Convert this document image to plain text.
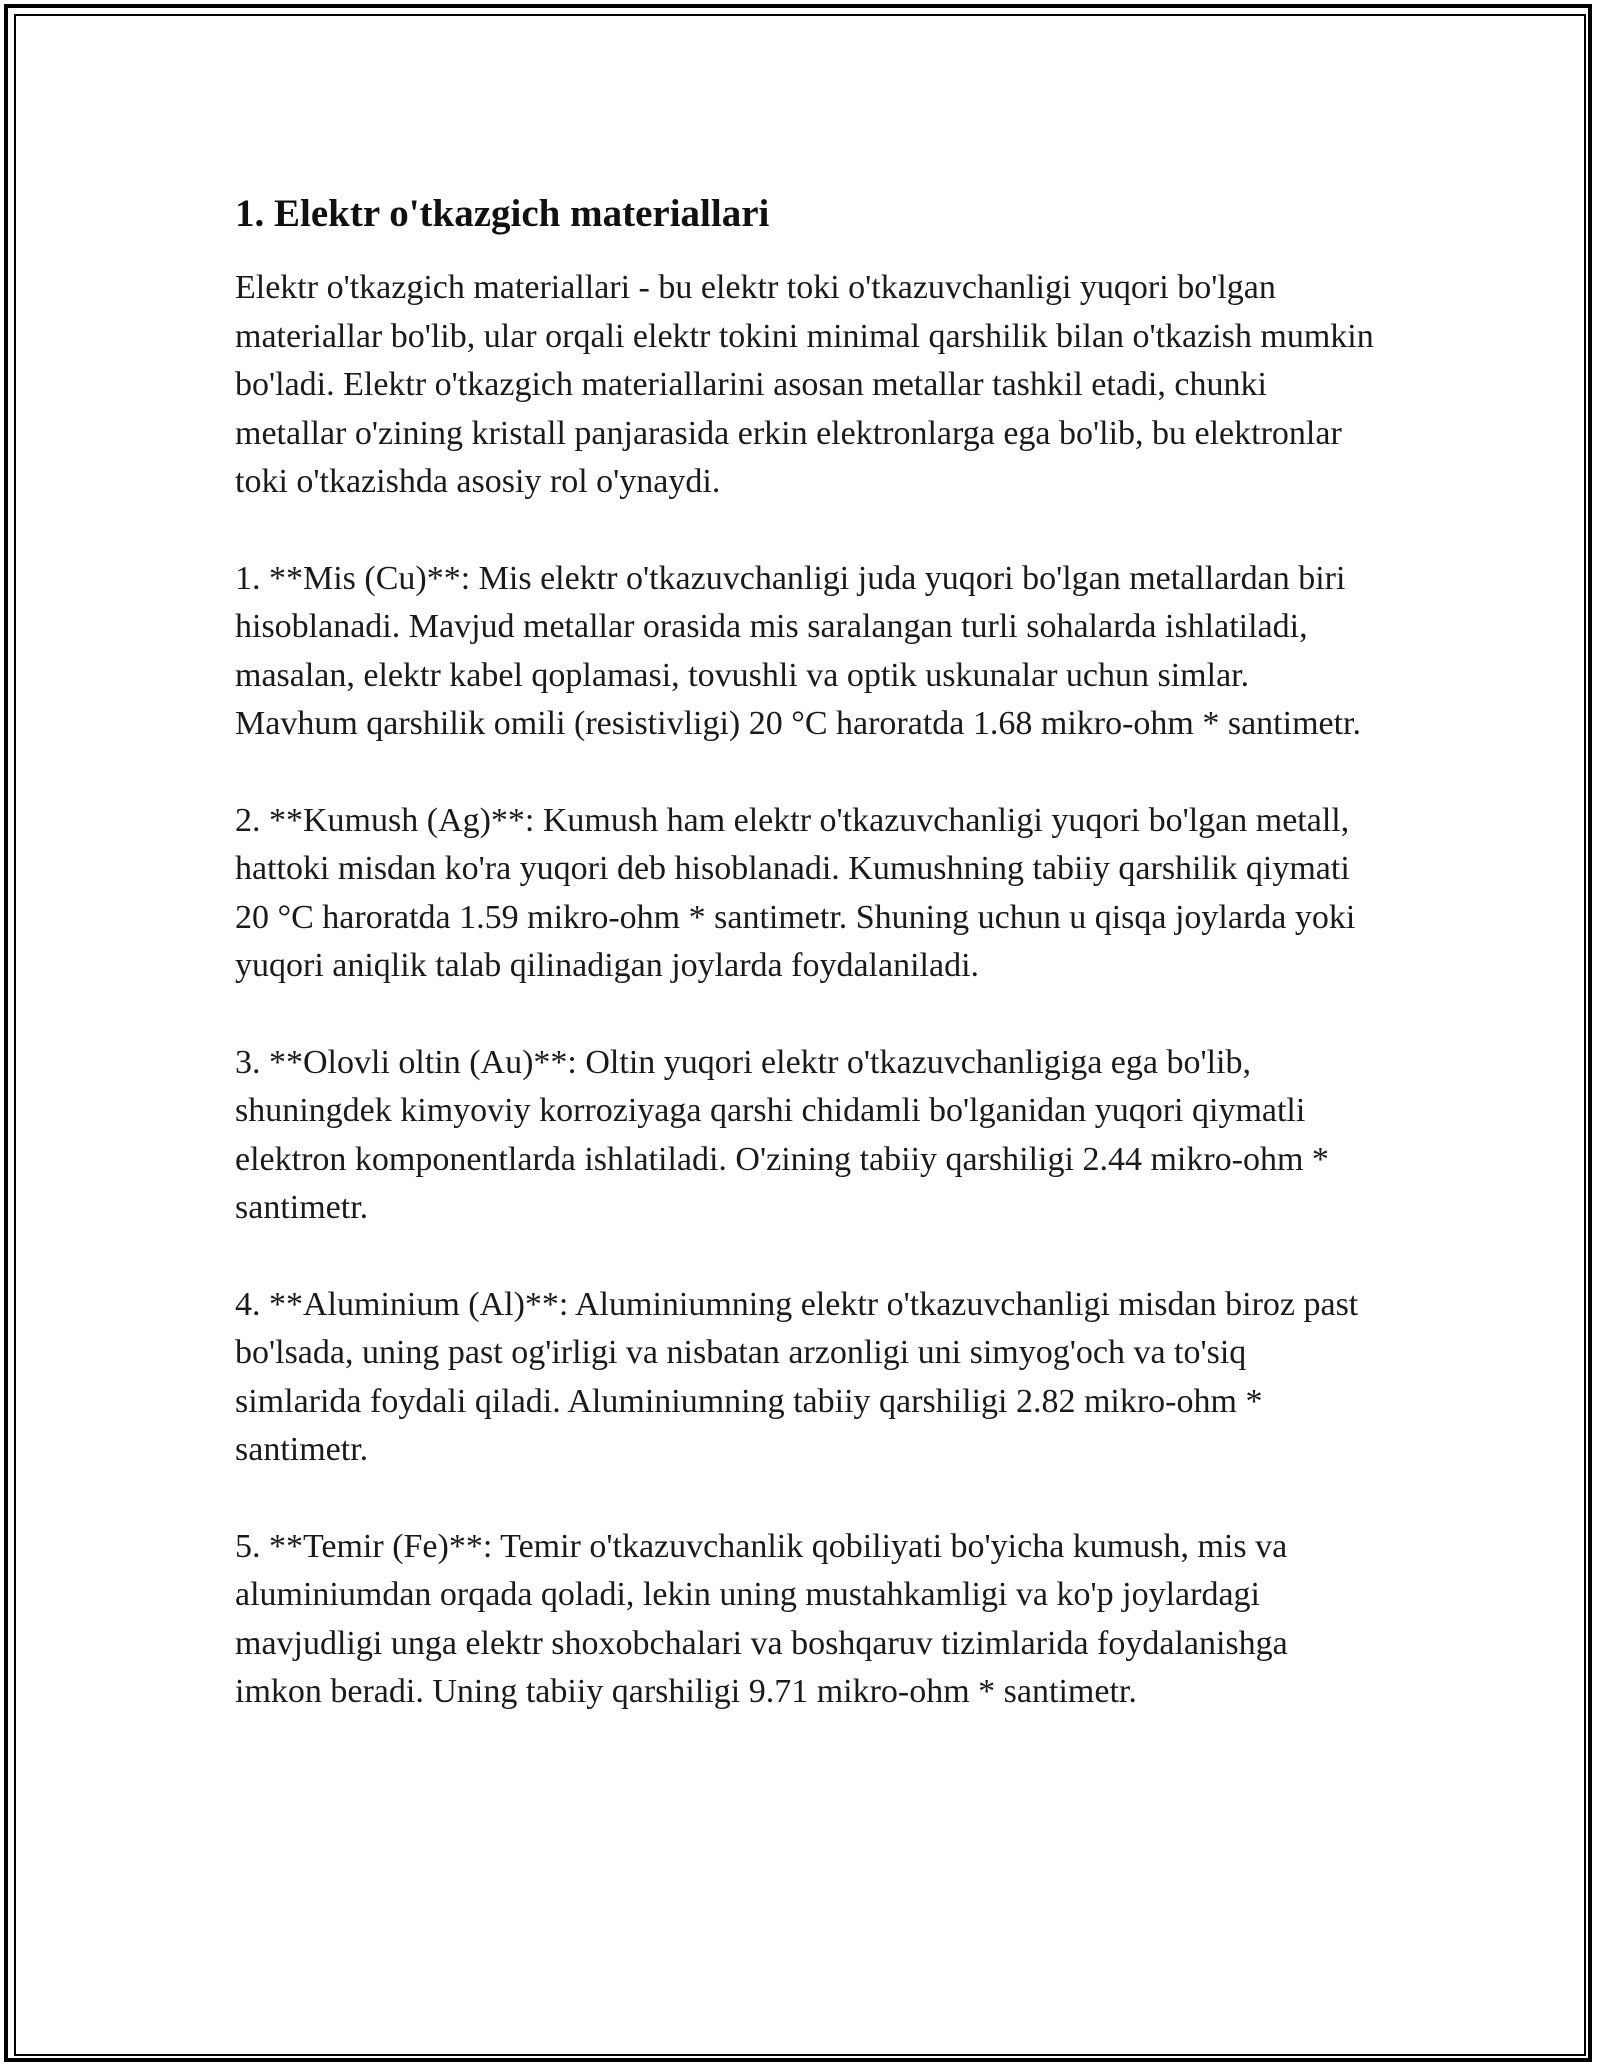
1. Elektr o'tkazgich materiallari

Elektr o'tkazgich materiallari - bu elektr toki o'tkazuvchanligi yuqori bo'lgan materiallar bo'lib, ular orqali elektr tokini minimal qarshilik bilan o'tkazish mumkin bo'ladi. Elektr o'tkazgich materiallarini asosan metallar tashkil etadi, chunki metallar o'zining kristall panjarasida erkin elektronlarga ega bo'lib, bu elektronlar toki o'tkazishda asosiy rol o'ynaydi.

1. **Mis (Cu)**: Mis elektr o'tkazuvchanligi juda yuqori bo'lgan metallardan biri hisoblanadi. Mavjud metallar orasida mis saralangan turli sohalarda ishlatiladi, masalan, elektr kabel qoplamasi, tovushli va optik uskunalar uchun simlar. Mavhum qarshilik omili (resistivligi) 20 °C haroratda 1.68 mikro-ohm * santimetr.

2. **Kumush (Ag)**: Kumush ham elektr o'tkazuvchanligi yuqori bo'lgan metall, hattoki misdan ko'ra yuqori deb hisoblanadi. Kumushning tabiiy qarshilik qiymati 20 °C haroratda 1.59 mikro-ohm * santimetr. Shuning uchun u qisqa joylarda yoki yuqori aniqlik talab qilinadigan joylarda foydalaniladi.

3. **Olovli oltin (Au)**: Oltin yuqori elektr o'tkazuvchanligiga ega bo'lib, shuningdek kimyoviy korroziyaga qarshi chidamli bo'lganidan yuqori qiymatli elektron komponentlarda ishlatiladi. O'zining tabiiy qarshiligi 2.44 mikro-ohm * santimetr.

4. **Aluminium (Al)**: Aluminiumning elektr o'tkazuvchanligi misdan biroz past bo'lsada, uning past og'irligi va nisbatan arzonligi uni simyog'och va to'siq simlarida foydali qiladi. Aluminiumning tabiiy qarshiligi 2.82 mikro-ohm * santimetr.

5. **Temir (Fe)**: Temir o'tkazuvchanlik qobiliyati bo'yicha kumush, mis va aluminiumdan orqada qoladi, lekin uning mustahkamligi va ko'p joylardagi mavjudligi unga elektr shoxobchalari va boshqaruv tizimlarida foydalanishga imkon beradi. Uning tabiiy qarshiligi 9.71 mikro-ohm * santimetr.
